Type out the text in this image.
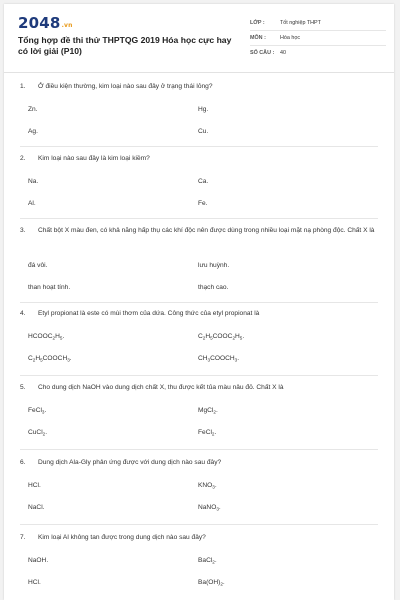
2048.vn
Tổng hợp đề thi thử THPTQG 2019 Hóa học cực hay có lời giải (P10)
LỚP :	Tốt nghiệp THPT
MÔN :	Hóa học
SỐ CÂU :	40
1. Ở điều kiện thường, kim loại nào sau đây ở trạng thái lỏng?
Zn.	Hg.
Ag.	Cu.
2. Kim loại nào sau đây là kim loại kiềm?
Na.	Ca.
Al.	Fe.
3. Chất bột X màu đen, có khả năng hấp thụ các khí độc nên được dùng trong nhiều loại mặt nạ phòng độc. Chất X là
đá vôi.	lưu huỳnh.
than hoạt tính.	thạch cao.
4. Etyl propionat là este có mùi thơm của dứa. Công thức của etyl propionat là
$HCOOC_2H_5$.	$C_2H_5COOC_2H_5$.
$C_2H_5COOCH_3$.	$CH_3COOCH_3$.
5. Cho dung dịch NaOH vào dung dịch chất X, thu được kết tủa màu nâu đỏ. Chất X là
FeCl$_3$.	MgCl$_2$.
CuCl$_2$.	FeCl$_2$.
6. Dung dịch Ala-Gly phản ứng được với dung dịch nào sau đây?
HCl.	$KNO_3$.
NaCl.	NaNO$_3$.
7. Kim loại Al không tan được trong dung dịch nào sau đây?
NaOH.	BaCl$_2$.
HCl.	$Ba(OH)_2$.
